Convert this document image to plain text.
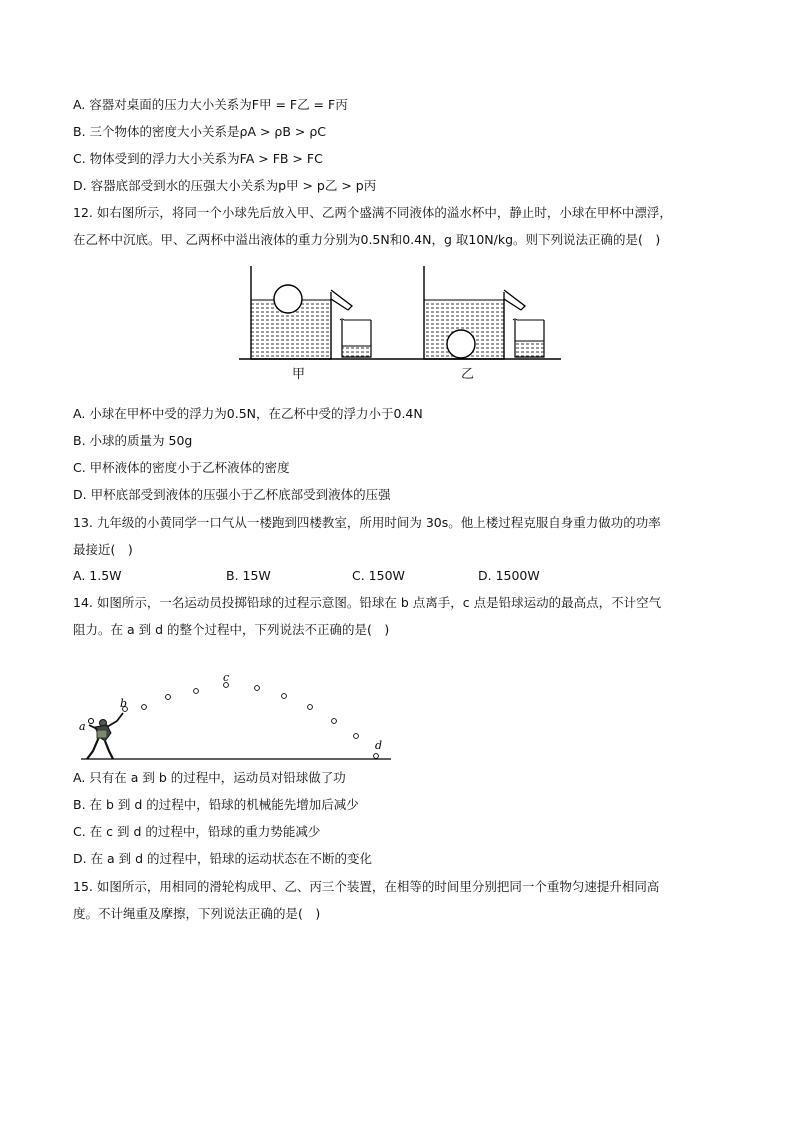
A. 容器对桌面的压力大小关系为F甲 = F乙 = F丙
B. 三个物体的密度大小关系是ρA > ρB > ρC
C. 物体受到的浮力大小关系为FA > FB > FC
D. 容器底部受到水的压强大小关系为p甲 > p乙 > p丙
12. 如右图所示，将同一个小球先后放入甲、乙两个盛满不同液体的溢水杯中，静止时，小球在甲杯中漂浮，
在乙杯中沉底。甲、乙两杯中溢出液体的重力分别为0.5N和0.4N，g 取10N/kg。则下列说法正确的是(　)
甲	乙
A. 小球在甲杯中受的浮力为0.5N，在乙杯中受的浮力小于0.4N
B. 小球的质量为 50g
C. 甲杯液体的密度小于乙杯液体的密度
D. 甲杯底部受到液体的压强小于乙杯底部受到液体的压强
13. 九年级的小黄同学一口气从一楼跑到四楼教室，所用时间为 30s。他上楼过程克服自身重力做功的功率
最接近(　)
A. 1.5W	B. 15W	C. 150W	D. 1500W
14. 如图所示，一名运动员投掷铅球的过程示意图。铅球在 b 点离手，c 点是铅球运动的最高点，不计空气
阻力。在 a 到 d 的整个过程中，下列说法不正确的是(　)
a
b
c
d
A. 只有在 a 到 b 的过程中，运动员对铅球做了功
B. 在 b 到 d 的过程中，铅球的机械能先增加后减少
C. 在 c 到 d 的过程中，铅球的重力势能减少
D. 在 a 到 d 的过程中，铅球的运动状态在不断的变化
15. 如图所示，用相同的滑轮构成甲、乙、丙三个装置，在相等的时间里分别把同一个重物匀速提升相同高
度。不计绳重及摩擦，下列说法正确的是(　)
